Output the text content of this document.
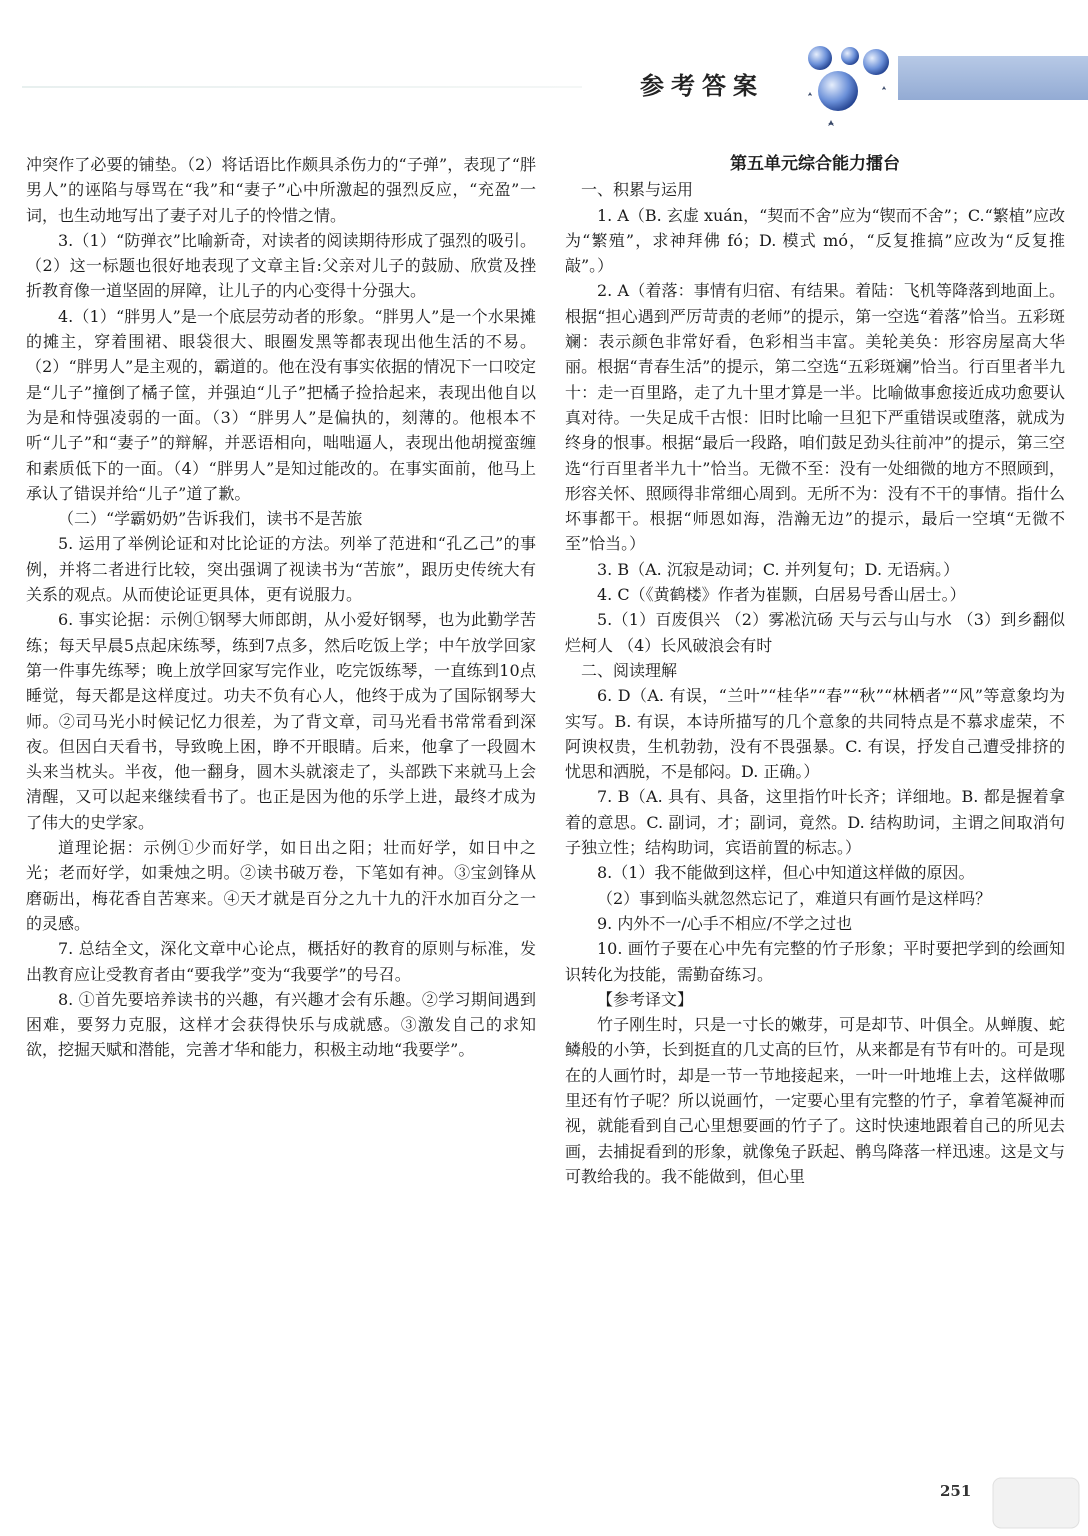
参考答案

冲突作了必要的铺垫。（2）将话语比作颇具杀伤力的“子弹”，表现了“胖男人”的诬陷与辱骂在“我”和“妻子”心中所激起的强烈反应，“充盈”一词，也生动地写出了妻子对儿子的怜惜之情。

3.（1）“防弹衣”比喻新奇，对读者的阅读期待形成了强烈的吸引。（2）这一标题也很好地表现了文章主旨:父亲对儿子的鼓励、欣赏及挫折教育像一道坚固的屏障，让儿子的内心变得十分强大。

4.（1）“胖男人”是一个底层劳动者的形象。“胖男人”是一个水果摊的摊主，穿着围裙、眼袋很大、眼圈发黑等都表现出他生活的不易。（2）“胖男人”是主观的，霸道的。他在没有事实依据的情况下一口咬定是“儿子”撞倒了橘子筐，并强迫“儿子”把橘子捡拾起来，表现出他自以为是和恃强凌弱的一面。（3）“胖男人”是偏执的，刻薄的。他根本不听“儿子”和“妻子”的辩解，并恶语相向，咄咄逼人，表现出他胡搅蛮缠和素质低下的一面。（4）“胖男人”是知过能改的。在事实面前，他马上承认了错误并给“儿子”道了歉。

（二）“学霸奶奶”告诉我们，读书不是苦旅

5. 运用了举例论证和对比论证的方法。列举了范进和“孔乙己”的事例，并将二者进行比较，突出强调了视读书为“苦旅”，跟历史传统大有关系的观点。从而使论证更具体，更有说服力。

6. 事实论据：示例①钢琴大师郎朗，从小爱好钢琴，也为此勤学苦练；每天早晨5点起床练琴，练到7点多，然后吃饭上学；中午放学回家第一件事先练琴；晚上放学回家写完作业，吃完饭练琴，一直练到10点睡觉，每天都是这样度过。功夫不负有心人，他终于成为了国际钢琴大师。②司马光小时候记忆力很差，为了背文章，司马光看书常常看到深夜。但因白天看书，导致晚上困，睁不开眼睛。后来，他拿了一段圆木头来当枕头。半夜，他一翻身，圆木头就滚走了，头部跌下来就马上会清醒，又可以起来继续看书了。也正是因为他的乐学上进，最终才成为了伟大的史学家。

道理论据：示例①少而好学，如日出之阳；壮而好学，如日中之光；老而好学，如秉烛之明。②读书破万卷，下笔如有神。③宝剑锋从磨砺出，梅花香自苦寒来。④天才就是百分之九十九的汗水加百分之一的灵感。

7. 总结全文，深化文章中心论点，概括好的教育的原则与标准，发出教育应让受教育者由“要我学”变为“我要学”的号召。

8. ①首先要培养读书的兴趣，有兴趣才会有乐趣。②学习期间遇到困难，要努力克服，这样才会获得快乐与成就感。③激发自己的求知欲，挖掘天赋和潜能，完善才华和能力，积极主动地“我要学”。

第五单元综合能力擂台

一、积累与运用

1. A（B. 玄虚 xuán，“契而不舍”应为“锲而不舍”；C.“繁植”应改为“繁殖”，求神拜佛 fó；D. 模式 mó，“反复推搞”应改为“反复推敲”。）

2. A（着落：事情有归宿、有结果。着陆：飞机等降落到地面上。根据“担心遇到严厉苛责的老师”的提示，第一空选“着落”恰当。五彩斑斓：表示颜色非常好看，色彩相当丰富。美轮美奂：形容房屋高大华丽。根据“青春生活”的提示，第二空选“五彩斑斓”恰当。行百里者半九十：走一百里路，走了九十里才算是一半。比喻做事愈接近成功愈要认真对待。一失足成千古恨：旧时比喻一旦犯下严重错误或堕落，就成为终身的恨事。根据“最后一段路，咱们鼓足劲头往前冲”的提示，第三空选“行百里者半九十”恰当。无微不至：没有一处细微的地方不照顾到，形容关怀、照顾得非常细心周到。无所不为：没有不干的事情。指什么坏事都干。根据“师恩如海，浩瀚无边”的提示，最后一空填“无微不至”恰当。）

3. B（A. 沉寂是动词；C. 并列复句；D. 无语病。）

4. C（《黄鹤楼》作者为崔颢，白居易号香山居士。）

5.（1）百废俱兴 （2）雾凇沆砀 天与云与山与水 （3）到乡翻似烂柯人 （4）长风破浪会有时

二、阅读理解

6. D（A. 有误，“兰叶”“桂华”“春”“秋”“林栖者”“风”等意象均为实写。B. 有误，本诗所描写的几个意象的共同特点是不慕求虚荣，不阿谀权贵，生机勃勃，没有不畏强暴。C. 有误，抒发自己遭受排挤的忧思和洒脱，不是郁闷。D. 正确。）

7. B（A. 具有、具备，这里指竹叶长齐；详细地。B. 都是握着拿着的意思。C. 副词，才；副词，竟然。D. 结构助词，主谓之间取消句子独立性；结构助词，宾语前置的标志。）

8.（1）我不能做到这样，但心中知道这样做的原因。

（2）事到临头就忽然忘记了，难道只有画竹是这样吗？

9. 内外不一/心手不相应/不学之过也

10. 画竹子要在心中先有完整的竹子形象；平时要把学到的绘画知识转化为技能，需勤奋练习。

【参考译文】

竹子刚生时，只是一寸长的嫩芽，可是却节、叶俱全。从蝉腹、蛇鳞般的小笋，长到挺直的几丈高的巨竹，从来都是有节有叶的。可是现在的人画竹时，却是一节一节地接起来，一叶一叶地堆上去，这样做哪里还有竹子呢？所以说画竹，一定要心里有完整的竹子，拿着笔凝神而视，就能看到自己心里想要画的竹子了。这时快速地跟着自己的所见去画，去捕捉看到的形象，就像兔子跃起、鹘鸟降落一样迅速。这是文与可教给我的。我不能做到，但心里

251
